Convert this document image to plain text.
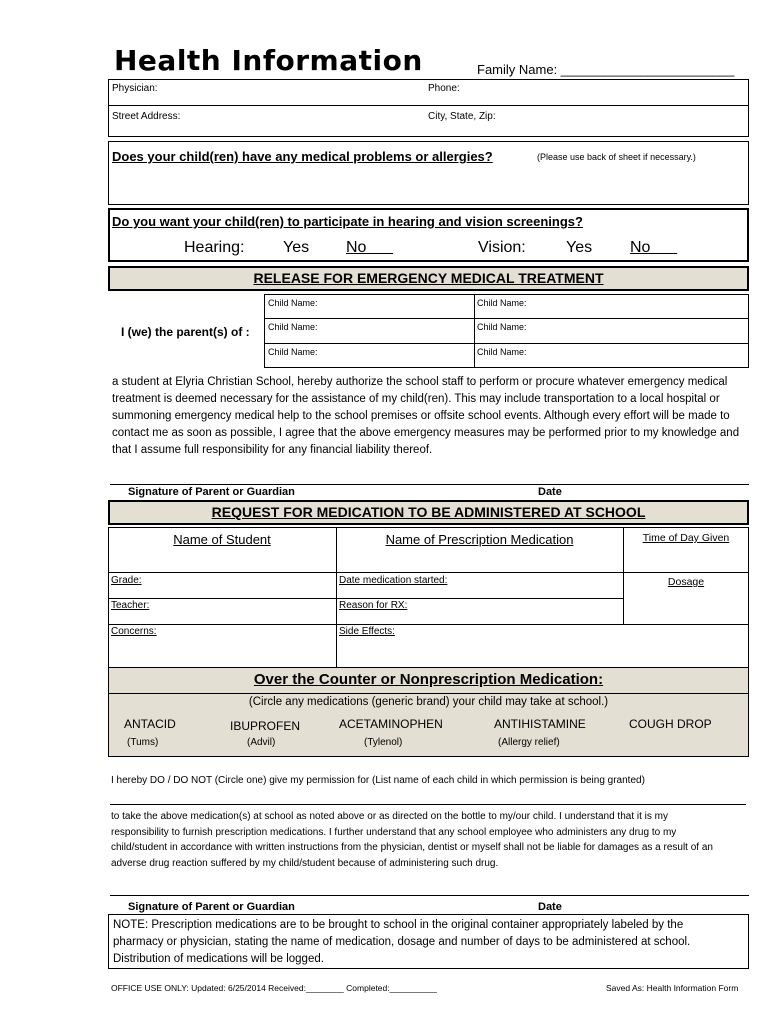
Health Information	Family Name: ________________________
Physician:	Phone:
Street Address:	City, State, Zip:
Does your child(ren) have any medical problems or allergies?	(Please use back of sheet if necessary.)
Do you want your child(ren) to participate in hearing and vision screenings?
Hearing: Yes No	Vision:	Yes No
RELEASE FOR EMERGENCY MEDICAL TREATMENT
Child Name:	Child Name:
Child Name:	Child Name:
Child Name:	Child Name:
I (we) the parent(s) of :
a student at Elyria Christian School, hereby authorize the school staff to perform or procure whatever emergency medical
treatment is deemed necessary for the assistance of my child(ren). This may include transportation to a local hospital or
summoning emergency medical help to the school premises or offsite school events. Although every effort will be made to
contact me as soon as possible, I agree that the above emergency measures may be performed prior to my knowledge and
that I assume full responsibility for any financial liability thereof.
Signature of Parent or Guardian	Date
REQUEST FOR MEDICATION TO BE ADMINISTERED AT SCHOOL
Name of Student	Name of Prescription Medication	Time of Day Given
Grade:	Date medication started:	Dosage
Teacher:	Reason for RX:
Concerns:	Side Effects:
Over the Counter or Nonprescription Medication:
(Circle any medications (generic brand) your child may take at school.)
ANTACID
(Tums)
IBUPROFEN
(Advil)
ACETAMINOPHEN
(Tylenol)
ANTIHISTAMINE
(Allergy relief)
COUGH DROP
I hereby DO / DO NOT (Circle one) give my permission for (List name of each child in which permission is being granted)
to take the above medication(s) at school as noted above or as directed on the bottle to my/our child. I understand that it is my
responsibility to furnish prescription medications. I further understand that any school employee who administers any drug to my
child/student in accordance with written instructions from the physician, dentist or myself shall not be liable for damages as a result of an
adverse drug reaction suffered by my child/student because of administering such drug.
Signature of Parent or Guardian	Date
NOTE: Prescription medications are to be brought to school in the original container appropriately labeled by the
pharmacy or physician, stating the name of medication, dosage and number of days to be administered at school.
Distribution of medications will be logged.
OFFICE USE ONLY: Updated: 6/25/2014 Received:________ Completed:__________	Saved As: Health Information Form
